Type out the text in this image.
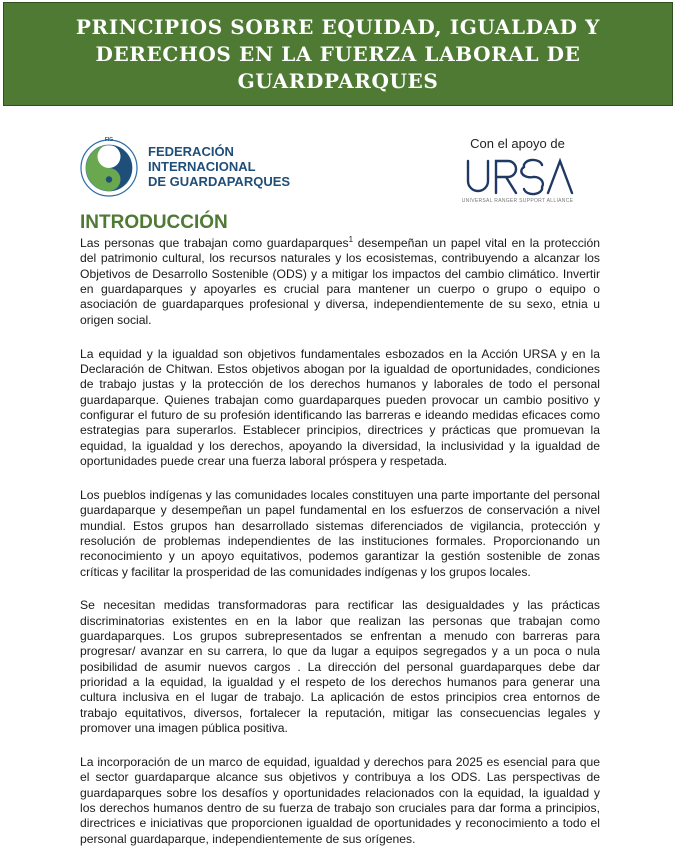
PRINCIPIOS SOBRE EQUIDAD, IGUALDAD Y DERECHOS EN LA FUERZA LABORAL DE GUARDPARQUES
FIG
FEDERACIÓN
INTERNACIONAL
DE GUARDAPARQUES
Con el apoyo de
UNIVERSAL RANGER SUPPORT ALLIANCE
INTRODUCCIÓN

Las personas que trabajan como guardaparques$^1$ desempeñan un papel vital en la protección del patrimonio cultural, los recursos naturales y los ecosistemas, contribuyendo a alcanzar los Objetivos de Desarrollo Sostenible (ODS) y a mitigar los impactos del cambio climático. Invertir en guardaparques y apoyarles es crucial para mantener un cuerpo o grupo o equipo o asociación de guardaparques profesional y diversa, independientemente de su sexo, etnia u origen social.

La equidad y la igualdad son objetivos fundamentales esbozados en la Acción URSA y en la Declaración de Chitwan. Estos objetivos abogan por la igualdad de oportunidades, condiciones de trabajo justas y la protección de los derechos humanos y laborales de todo el personal guardaparque. Quienes trabajan como guardaparques pueden provocar un cambio positivo y configurar el futuro de su profesión identificando las barreras e ideando medidas eficaces como estrategias para superarlos. Establecer principios, directrices y prácticas que promuevan la equidad, la igualdad y los derechos, apoyando la diversidad, la inclusividad y la igualdad de oportunidades puede crear una fuerza laboral próspera y respetada.

Los pueblos indígenas y las comunidades locales constituyen una parte importante del personal guardaparque y desempeñan un papel fundamental en los esfuerzos de conservación a nivel mundial. Estos grupos han desarrollado sistemas diferenciados de vigilancia, protección y resolución de problemas independientes de las instituciones formales. Proporcionando un reconocimiento y un apoyo equitativos, podemos garantizar la gestión sostenible de zonas críticas y facilitar la prosperidad de las comunidades indígenas y los grupos locales.

Se necesitan medidas transformadoras para rectificar las desigualdades y las prácticas discriminatorias existentes en en la labor que realizan las personas que trabajan como guardaparques. Los grupos subrepresentados se enfrentan a menudo con barreras para progresar/ avanzar en su carrera, lo que da lugar a equipos segregados y a un poca o nula posibilidad de asumir nuevos cargos . La dirección del personal guardaparques debe dar prioridad a la equidad, la igualdad y el respeto de los derechos humanos para generar una cultura inclusiva en el lugar de trabajo. La aplicación de estos principios crea entornos de trabajo equitativos, diversos, fortalecer la reputación, mitigar las consecuencias legales y promover una imagen pública positiva.

La incorporación de un marco de equidad, igualdad y derechos para 2025 es esencial para que el sector guardaparque alcance sus objetivos y contribuya a los ODS. Las perspectivas de guardaparques sobre los desafíos y oportunidades relacionados con la equidad, la igualdad y los derechos humanos dentro de su fuerza de trabajo son cruciales para dar forma a principios, directrices e iniciativas que proporcionen igualdad de oportunidades y reconocimiento a todo el personal guardaparque, independientemente de sus orígenes.
